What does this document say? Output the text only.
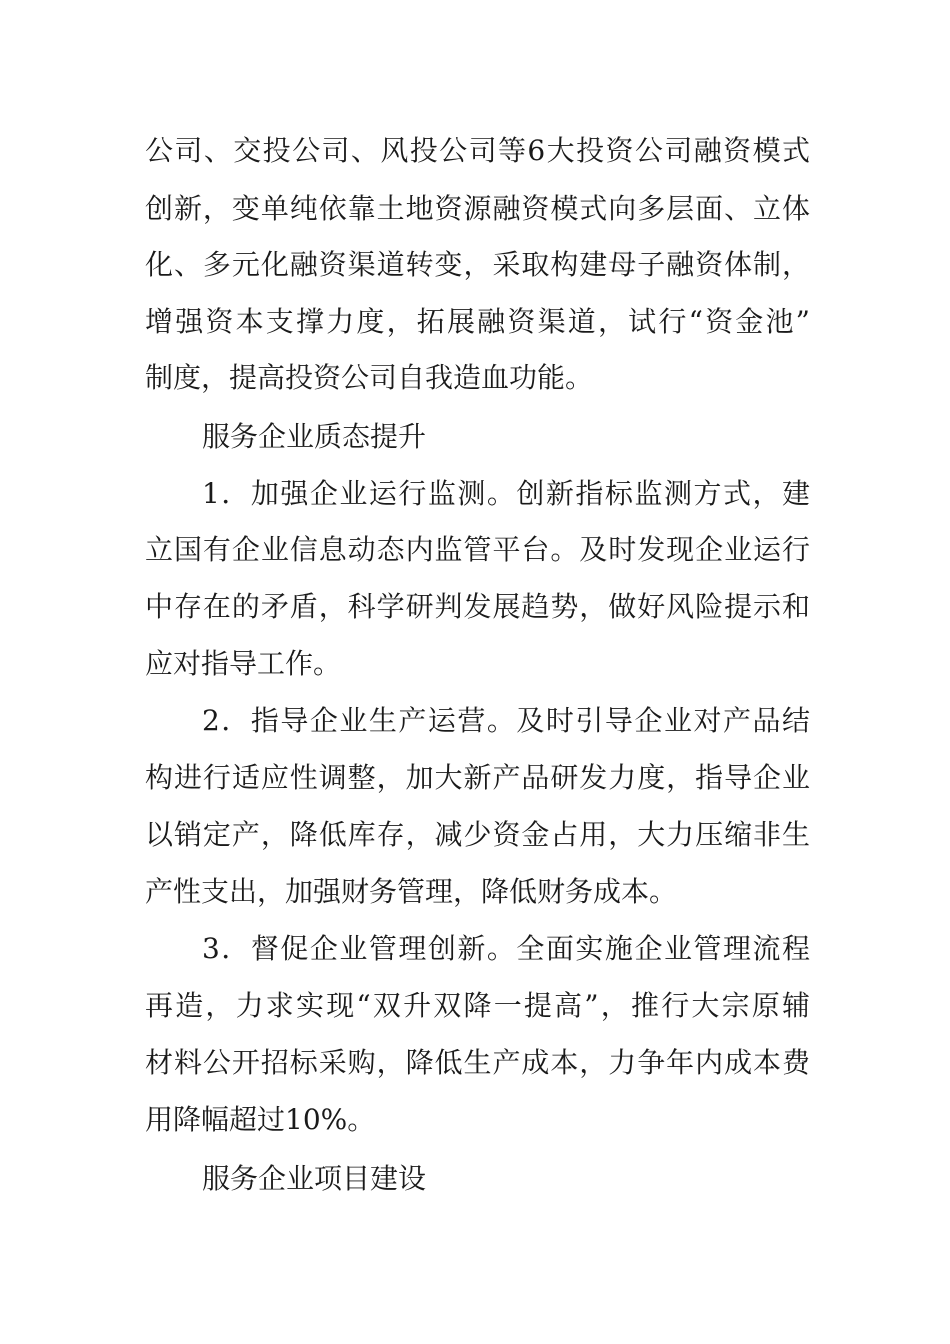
公司、交投公司、风投公司等6大投资公司融资模式
创新，变单纯依靠土地资源融资模式向多层面、立体
化、多元化融资渠道转变，采取构建母子融资体制，
增强资本支撑力度，拓展融资渠道，试行“资金池”
制度，提高投资公司自我造血功能。
服务企业质态提升
1．加强企业运行监测。创新指标监测方式，建
立国有企业信息动态内监管平台。及时发现企业运行
中存在的矛盾，科学研判发展趋势，做好风险提示和
应对指导工作。
2．指导企业生产运营。及时引导企业对产品结
构进行适应性调整，加大新产品研发力度，指导企业
以销定产，降低库存，减少资金占用，大力压缩非生
产性支出，加强财务管理，降低财务成本。
3．督促企业管理创新。全面实施企业管理流程
再造，力求实现“双升双降一提高”，推行大宗原辅
材料公开招标采购，降低生产成本，力争年内成本费
用降幅超过10%。
服务企业项目建设
